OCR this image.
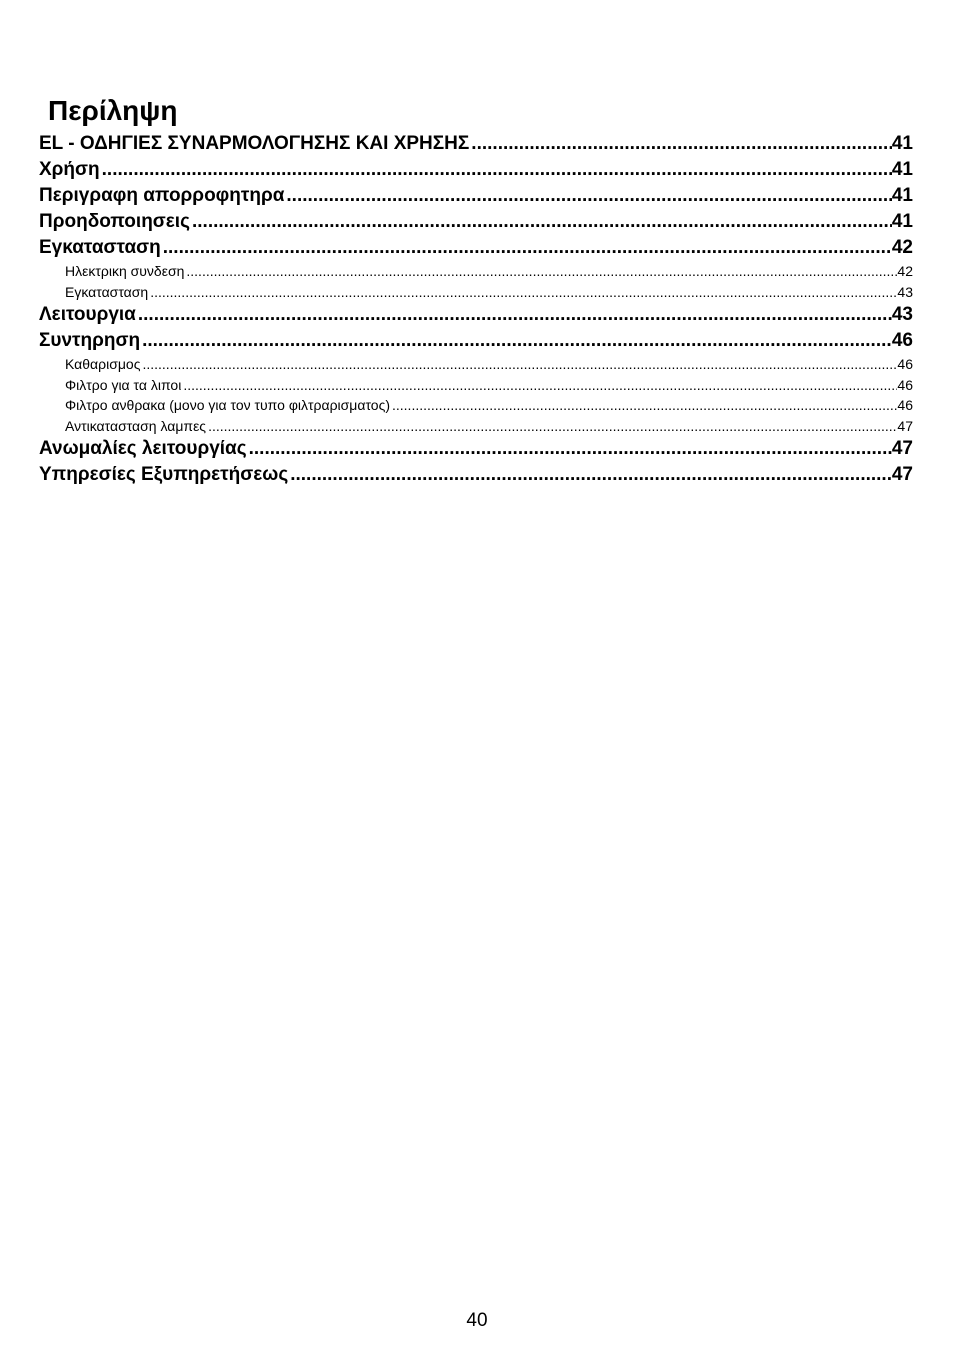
Περίληψη
EL - ΟΔΗΓΙΕΣ ΣΥΝΑΡΜΟΛΟΓΗΣΗΣ ΚΑΙ ΧΡΗΣΗΣ .....	41
Χρήση .....	41
Περιγραφη απορροφητηρα .....	41
Προηδοποιησεις .....	41
Εγκατασταση .....	42
Ηλεκτρικη συνδεση .....	42
Εγκατασταση .....	43
Λειτουργια .....	43
Συντηρηση .....	46
Καθαρισμος .....	46
Φιλτρο για τα λιποι .....	46
Φιλτρο ανθρακα (μονο για τον τυπο φιλτραρισματος) .....	46
Αντικατασταση λαμπες .....	47
Ανωμαλίες λειτουργίας .....	47
Υπηρεσίες Εξυπηρετήσεως .....	47
40
